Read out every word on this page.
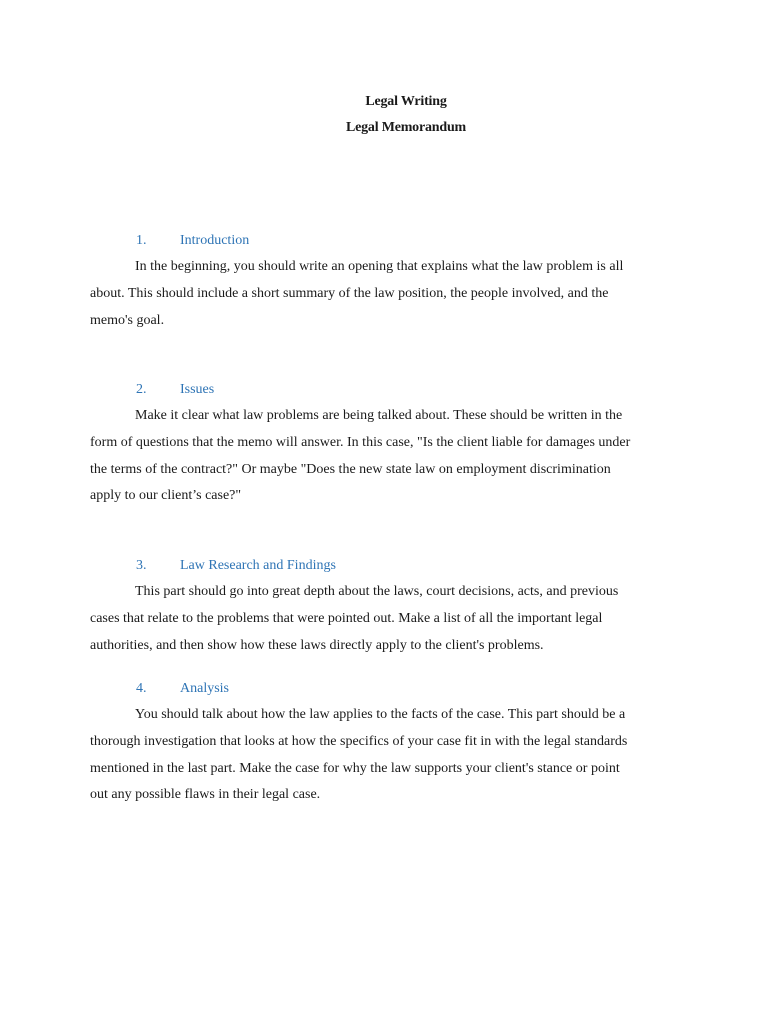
Legal Writing
Legal Memorandum
1. Introduction
In the beginning, you should write an opening that explains what the law problem is all
about. This should include a short summary of the law position, the people involved, and the
memo's goal.
2. Issues
Make it clear what law problems are being talked about. These should be written in the
form of questions that the memo will answer. In this case, "Is the client liable for damages under
the terms of the contract?" Or maybe "Does the new state law on employment discrimination
apply to our client’s case?"
3. Law Research and Findings
This part should go into great depth about the laws, court decisions, acts, and previous
cases that relate to the problems that were pointed out. Make a list of all the important legal
authorities, and then show how these laws directly apply to the client's problems.
4. Analysis
You should talk about how the law applies to the facts of the case. This part should be a
thorough investigation that looks at how the specifics of your case fit in with the legal standards
mentioned in the last part. Make the case for why the law supports your client's stance or point
out any possible flaws in their legal case.
